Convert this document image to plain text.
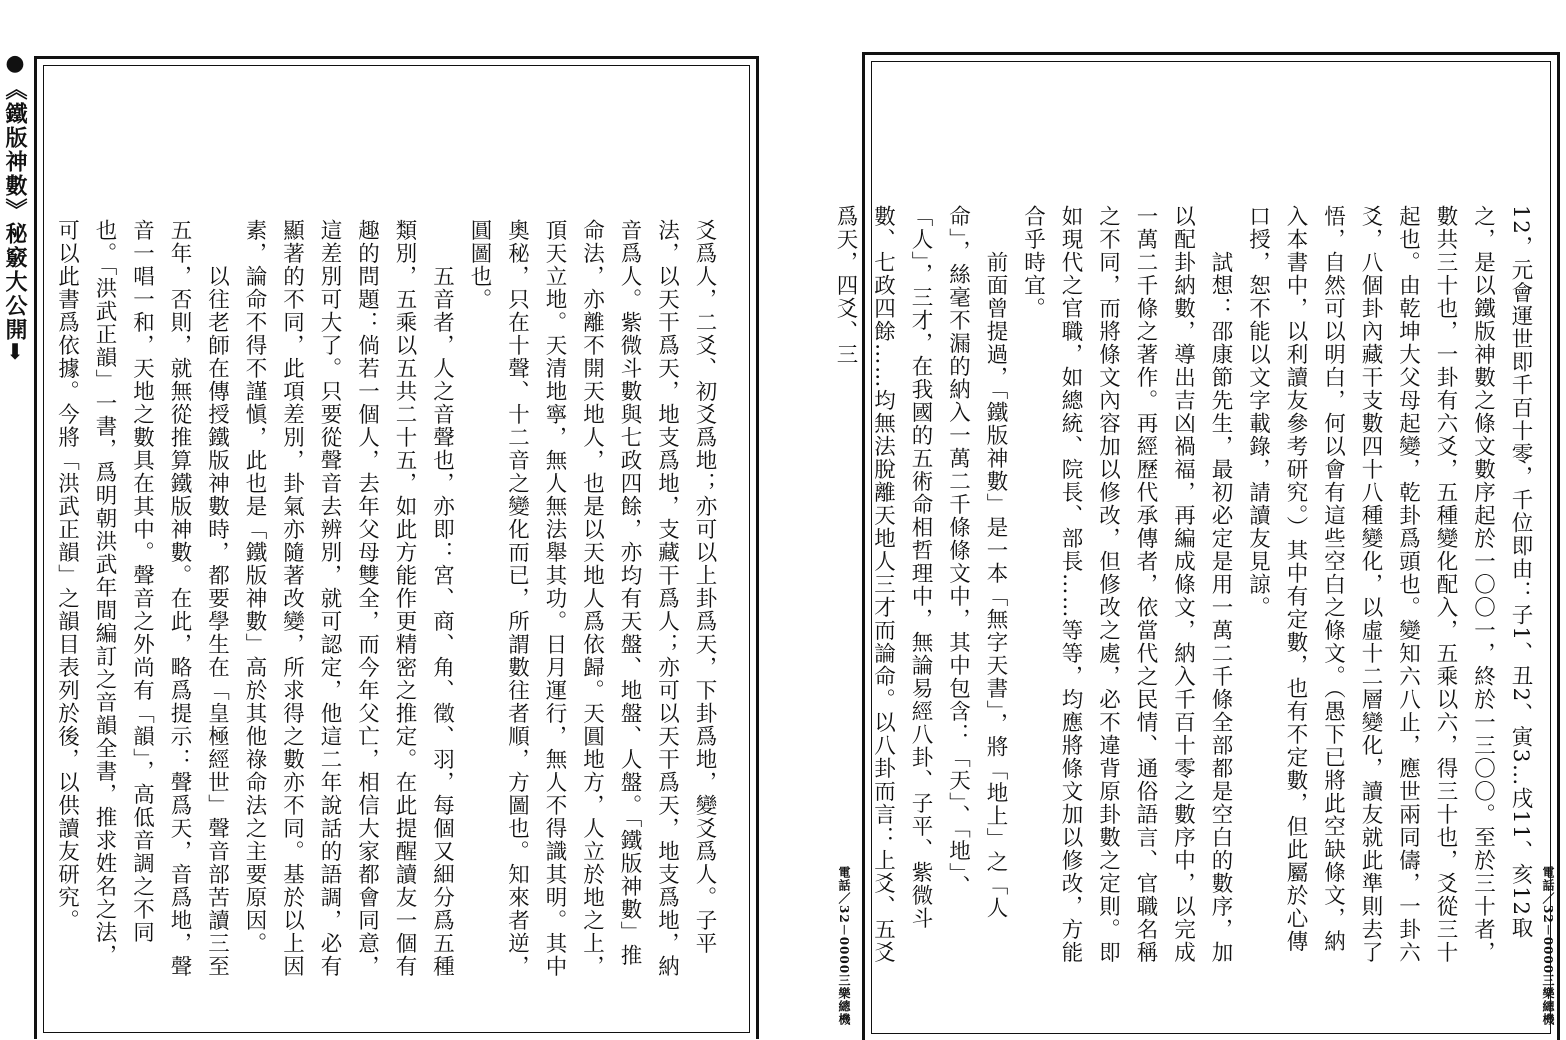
●《鐵版神數》秘竅大公開➡
爻爲人，二爻、初爻爲地；亦可以上卦爲天，下卦爲地，變爻爲人。子平法，以天干爲天，地支爲地，支藏干爲人；亦可以天干爲天，地支爲地，納音爲人。紫微斗數與七政四餘，亦均有天盤、地盤、人盤。「鐵版神數」推命法，亦離不開天地人，也是以天地人爲依歸。天圓地方，人立於地之上，頂天立地。天清地寧，無人無法舉其功。日月運行，無人不得識其明。其中奧秘，只在十聲、十二音之變化而已，所謂數往者順，方圖也。知來者逆，圓圖也。
　　五音者，人之音聲也，亦即：宮、商、角、徵、羽，每個又細分爲五種類別，五乘以五共二十五，如此方能作更精密之推定。在此提醒讀友一個有趣的問題：倘若一個人，去年父母雙全，而今年父亡，相信大家都會同意，這差別可大了。只要從聲音去辨別，就可認定，他這二年說話的語調，必有顯著的不同，此項差別，卦氣亦隨著改變，所求得之數亦不同。基於以上因素，論命不得不謹愼，此也是「鐵版神數」高於其他祿命法之主要原因。
　　以往老師在傳授鐵版神數時，都要學生在「皇極經世」聲音部苦讀三至五年，否則，就無從推算鐵版神數。在此，略爲提示：聲爲天，音爲地，聲音一唱一和，天地之數具在其中。聲音之外尚有「韻」，高低音調之不同也。「洪武正韻」一書，爲明朝洪武年間編訂之音韻全書，推求姓名之法，可以此書爲依據。今將「洪武正韻」之韻目表列於後，以供讀友研究。	12，元會運世即千百十零，千位即由：子1、丑2、寅3…戌11、亥12取之，是以鐵版神數之條文數序起於一〇〇一，終於一三〇〇。至於三十者，數共三十也，一卦有六爻，五種變化配入，五乘以六，得三十也，爻從三十起也。由乾坤大父母起變，乾卦爲頭也。變知六八止，應世兩同儔，一卦六爻，八個卦內藏干支數四十八種變化，以虛十二層變化，讀友就此準則去了悟，自然可以明白，何以會有這些空白之條文。（愚下已將此空缺條文，納入本書中，以利讀友參考研究。）其中有定數，也有不定數，但此屬於心傳口授，恕不能以文字載錄，請讀友見諒。
　　試想：邵康節先生，最初必定是用一萬二千條全部都是空白的數序，加以配卦納數，導出吉凶禍福，再編成條文，納入千百十零之數序中，以完成一萬二千條之著作。再經歷代承傳者，依當代之民情、通俗語言、官職名稱之不同，而將條文內容加以修改，但修改之處，必不違背原卦數之定則。即如現代之官職，如總統、院長、部長……等等，均應將條文加以修改，方能合乎時宜。
　　前面曾提過，「鐵版神數」是一本「無字天書」，將「地上」之「人命」，絲毫不漏的納入一萬二千條條文中，其中包含：「天」、「地」、「人」，三才，在我國的五術命相哲理中，無論易經八卦、子平、紫微斗數、七政四餘……均無法脫離天地人三才而論命。以八卦而言：上爻、五爻爲天，四爻、三
電話／32－0000三樂總機
電話／32－0000三樂總機
